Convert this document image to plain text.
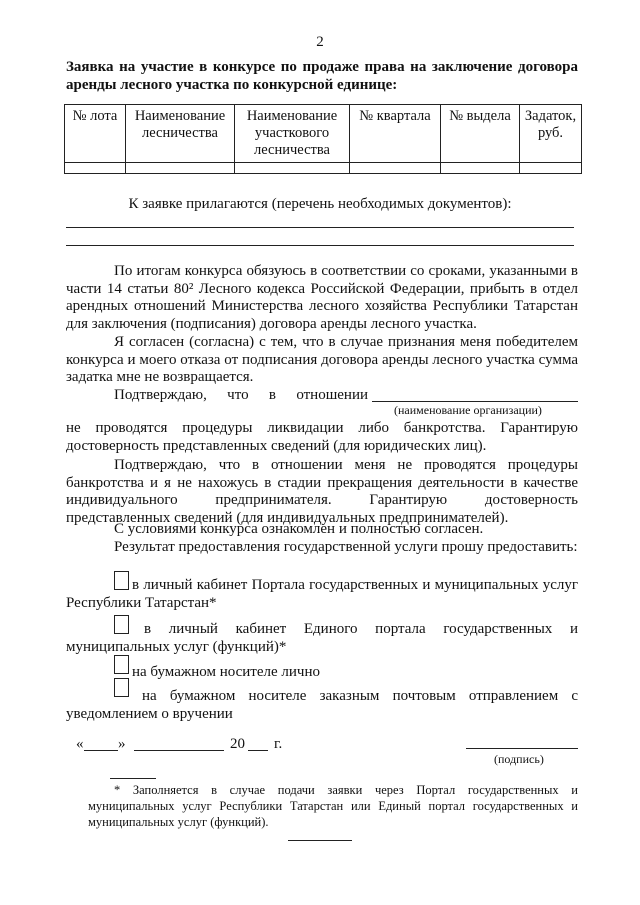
2
Заявка на участие в конкурсе по продаже права на заключение договора аренды лесного участка по конкурсной единице:
№ лота	Наименование лесничества	Наименование участкового лесничества	№ квартала	№ выдела	Задаток, руб.

К заявке прилагаются (перечень необходимых документов):
По итогам конкурса обязуюсь в соответствии со сроками, указанными в части 14 статьи 80² Лесного кодекса Российской Федерации, прибыть в отдел арендных отношений Министерства лесного хозяйства Республики Татарстан для заключения (подписания) договора аренды лесного участка.
Я согласен (согласна) с тем, что в случае признания меня победителем конкурса и моего отказа от подписания договора аренды лесного участка сумма задатка мне не возвращается.
Подтверждаю, что в отношении
(наименование организации)
не проводятся процедуры ликвидации либо банкротства. Гарантирую достоверность представленных сведений (для юридических лиц).
Подтверждаю, что в отношении меня не проводятся процедуры банкротства и я не нахожусь в стадии прекращения деятельности в качестве индивидуального предпринимателя. Гарантирую достоверность представленных сведений (для индивидуальных предпринимателей).
С условиями конкурса ознакомлен и полностью согласен.
Результат предоставления государственной услуги прошу предоставить:
в личный кабинет Портала государственных и муниципальных услуг Республики Татарстан*
в личный кабинет Единого портала государственных и муниципальных услуг (функций)*
на бумажном носителе лично
на бумажном носителе заказным почтовым отправлением с уведомлением о вручении
« »	20 г.
(подпись)
* Заполняется в случае подачи заявки через Портал государственных и муниципальных услуг Республики Татарстан или Единый портал государственных и муниципальных услуг (функций).
